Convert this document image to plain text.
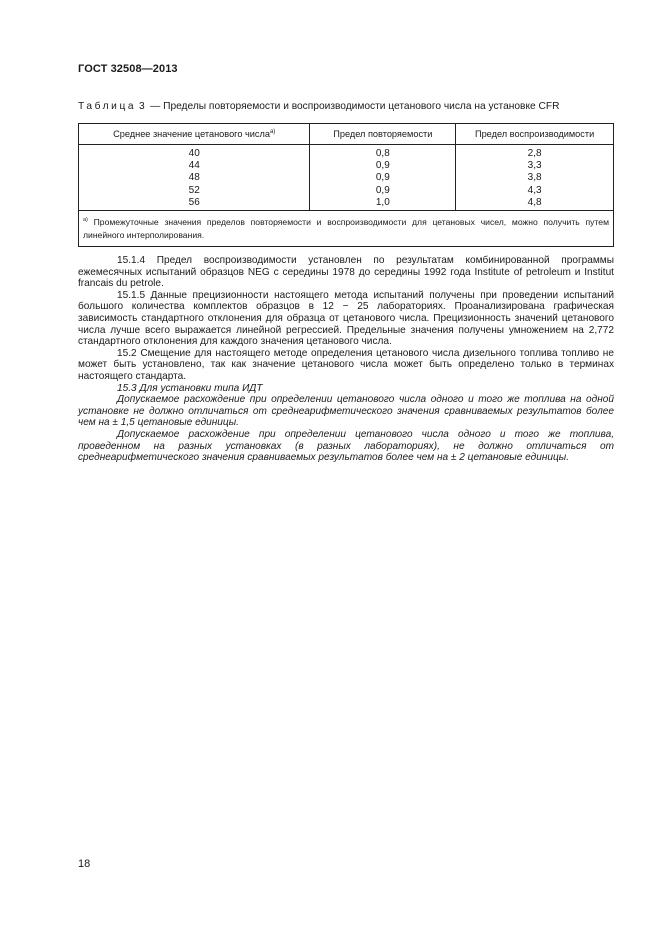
ГОСТ 32508—2013
Таблица 3 — Пределы повторяемости и воспроизводимости цетанового числа на установке CFR
Среднее значение цетанового числа$^{а)}$	Предел повторяемости	Предел воспроизводимости
40	0,8	2,8
44	0,9	3,3
48	0,9	3,8
52	0,9	4,3
56	1,0	4,8
$^{а)}$ Промежуточные значения пределов повторяемости и воспроизводимости для цетановых чисел, можно получить путем линейного интерполирования.		

15.1.4 Предел воспроизводимости установлен по результатам комбинированной программы ежемесячных испытаний образцов NEG с середины 1978 до середины 1992 года Institute of petroleum и Institut francais du petrole.

15.1.5 Данные прецизионности настоящего метода испытаний получены при проведении испытаний большого количества комплектов образцов в 12 − 25 лабораториях. Проанализирована графическая зависимость стандартного отклонения для образца от цетанового числа. Прецизионность значений цетанового числа лучше всего выражается линейной регрессией. Предельные значения получены умножением на 2,772 стандартного отклонения для каждого значения цетанового числа.

15.2 Смещение для настоящего методе определения цетанового числа дизельного топлива топливо не может быть установлено, так как значение цетанового числа может быть определено только в терминах настоящего стандарта.

15.3 Для установки типа ИДТ

Допускаемое расхождение при определении цетанового числа одного и того же топлива на одной установке не должно отличаться от среднеарифметического значения сравниваемых результатов более чем на ± 1,5 цетановые единицы.

Допускаемое расхождение при определении цетанового числа одного и того же топлива, проведенном на разных установках (в разных лабораториях), не должно отличаться от среднеарифметического значения сравниваемых результатов более чем на ± 2 цетановые единицы.

18
